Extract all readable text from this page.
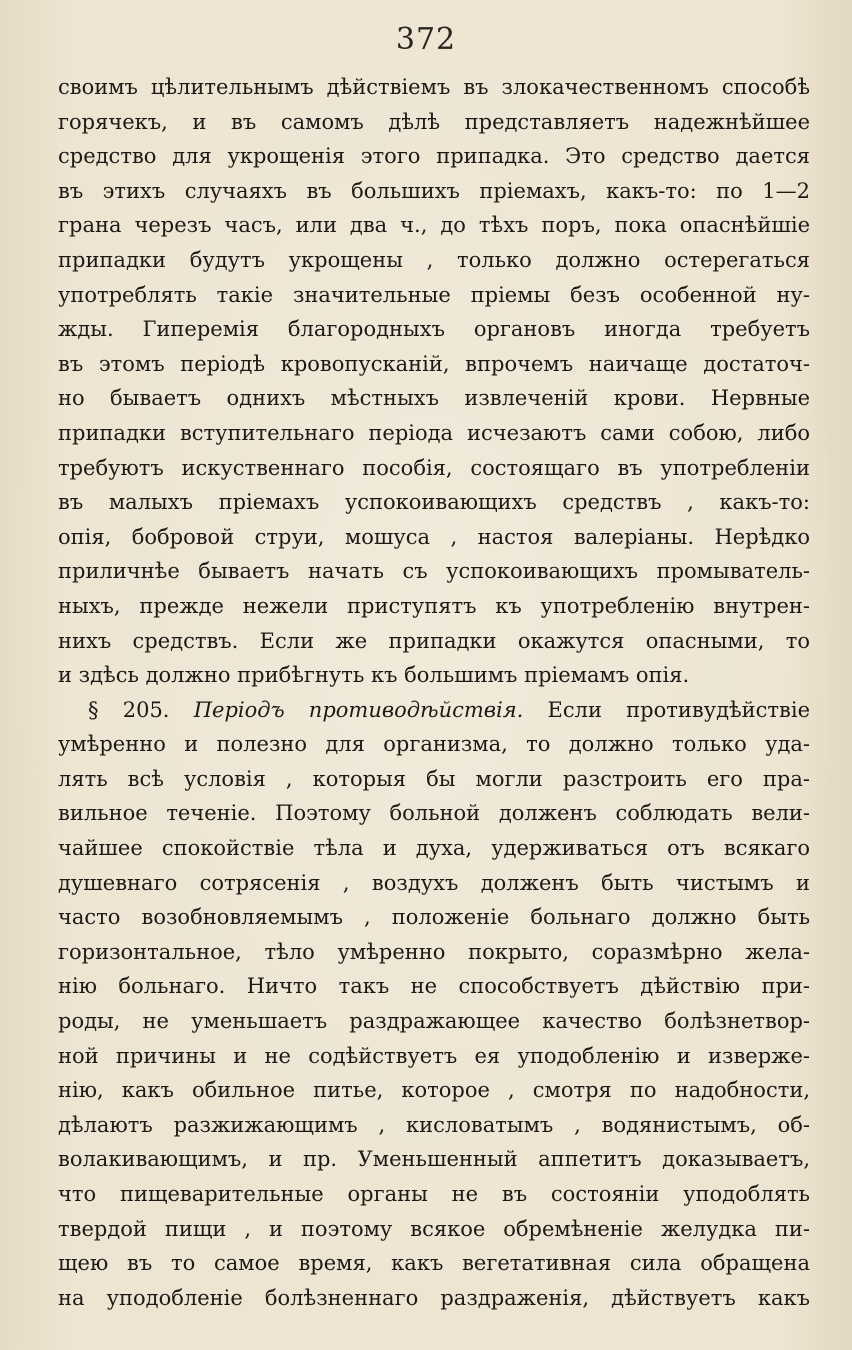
372
своимъ цѣлительнымъ дѣйствіемъ въ злокачественномъ способѣ
горячекъ, и въ самомъ дѣлѣ представляетъ надежнѣйшее
средство для укрощенія этого припадка. Это средство дается
въ этихъ случаяхъ въ большихъ пріемахъ, какъ-то: по 1—2
грана черезъ часъ, или два ч., до тѣхъ поръ, пока опаснѣйшіе
припадки будутъ укрощены , только должно остерегаться
употреблять такіе значительные пріемы безъ особенной ну-
жды. Гиперемія благородныхъ органовъ иногда требуетъ
въ этомъ періодѣ кровопусканій, впрочемъ наичаще достаточ-
но бываетъ однихъ мѣстныхъ извлеченій крови. Нервные
припадки вступительнаго періода исчезаютъ сами собою, либо
требуютъ искуственнаго пособія, состоящаго въ употребленіи
въ малыхъ пріемахъ успокоивающихъ средствъ , какъ-то:
опія, бобровой струи, мошуса , настоя валеріаны. Нерѣдко
приличнѣе бываетъ начать съ успокоивающихъ промыватель-
ныхъ, прежде нежели приступятъ къ употребленію внутрен-
нихъ средствъ. Если же припадки окажутся опасными, то
и здѣсь должно прибѣгнуть къ большимъ пріемамъ опія.
§ 205. Періодъ противодѣйствія. Если противудѣйствіе
умѣренно и полезно для организма, то должно только уда-
лять всѣ условія , которыя бы могли разстроить его пра-
вильное теченіе. Поэтому больной долженъ соблюдать вели-
чайшее спокойствіе тѣла и духа, удерживаться отъ всякаго
душевнаго сотрясенія , воздухъ долженъ быть чистымъ и
часто возобновляемымъ , положеніе больнаго должно быть
горизонтальное, тѣло умѣренно покрыто, соразмѣрно жела-
нію больнаго. Ничто такъ не способствуетъ дѣйствію при-
роды, не уменьшаетъ раздражающее качество болѣзнетвор-
ной причины и не содѣйствуетъ ея уподобленію и изверже-
нію, какъ обильное питье, которое , смотря по надобности,
дѣлаютъ разжижающимъ , кисловатымъ , водянистымъ, об-
волакивающимъ, и пр. Уменьшенный аппетитъ доказываетъ,
что пищеварительные органы не въ состояніи уподоблять
твердой пищи , и поэтому всякое обремѣненіе желудка пи-
щею въ то самое время, какъ вегетативная сила обращена
на уподобленіе болѣзненнаго раздраженія, дѣйствуетъ какъ
